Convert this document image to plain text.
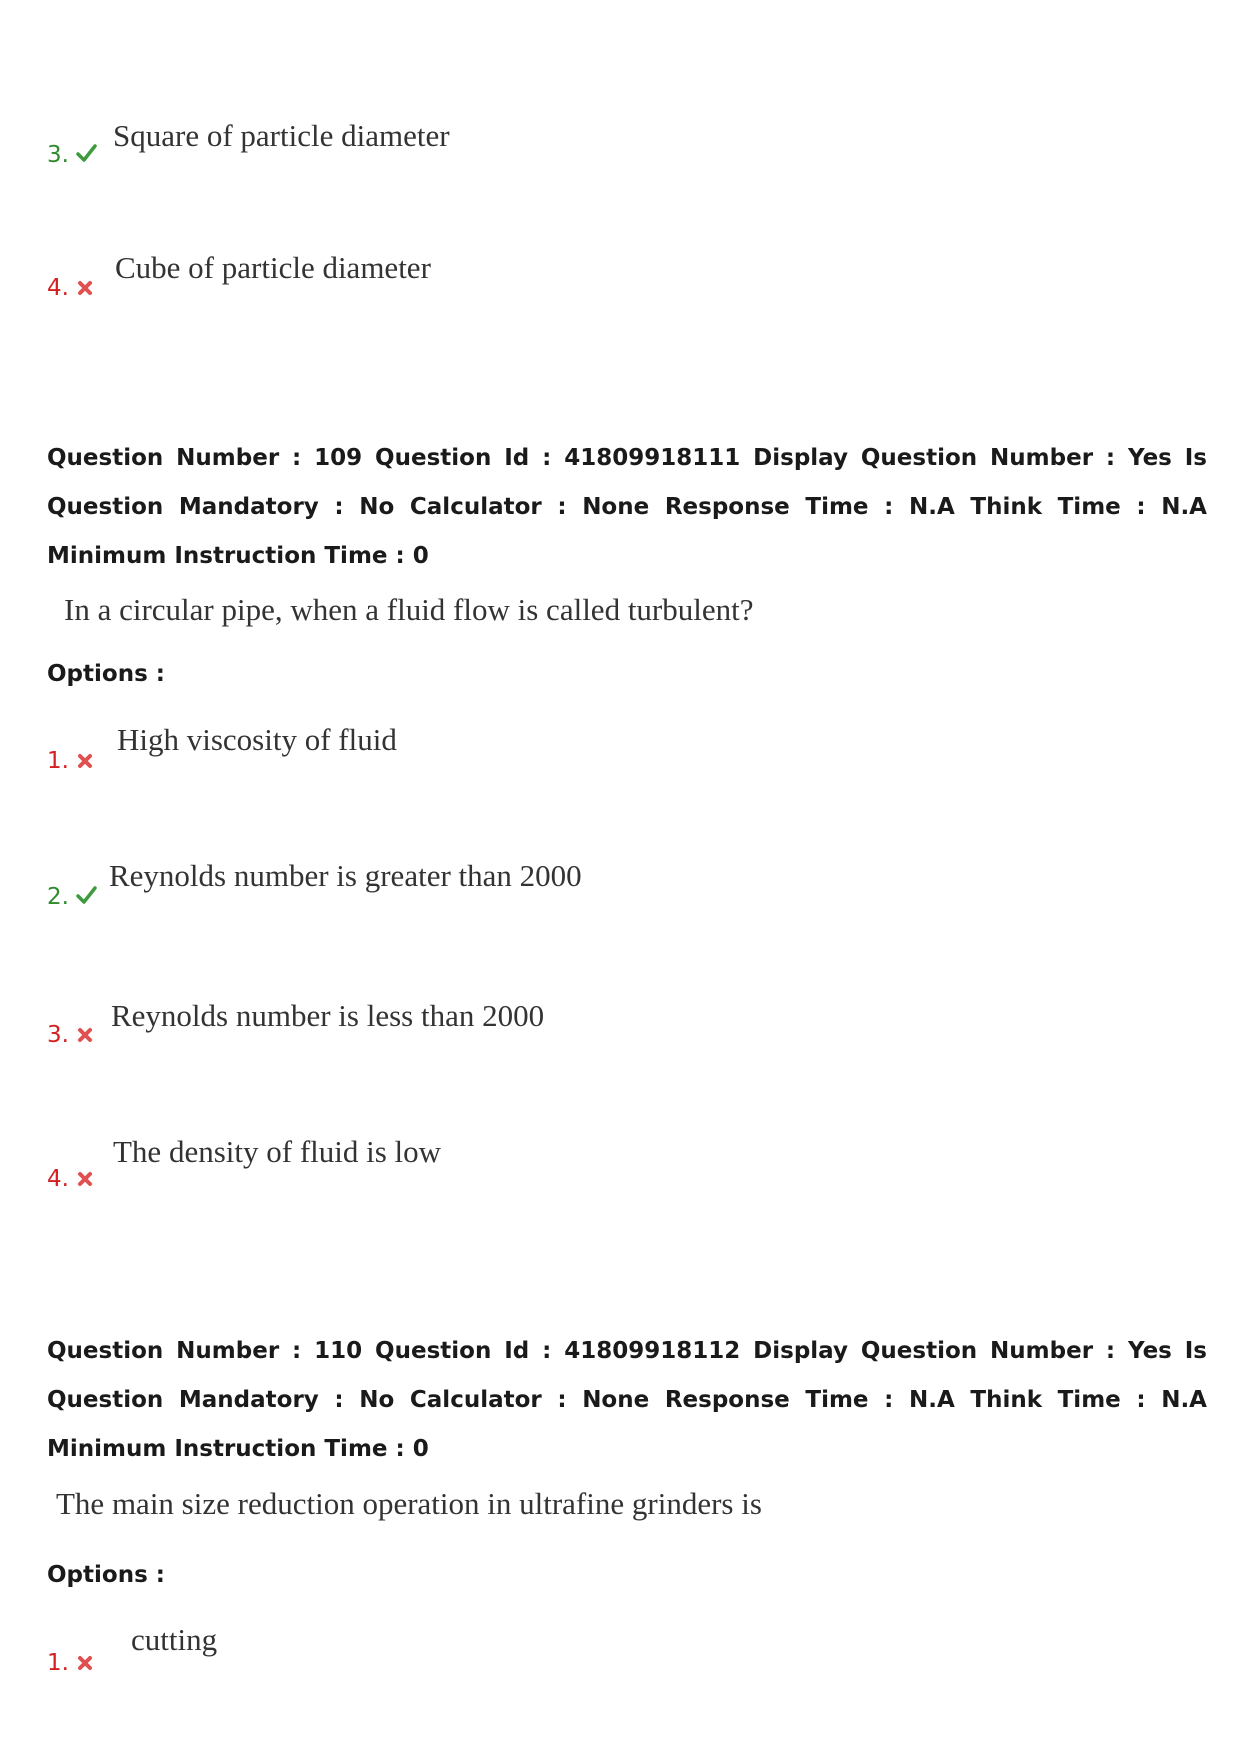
3.
Square of particle diameter
4.
Cube of particle diameter
Question Number : 109 Question Id : 41809918111 Display Question Number : Yes Is Question Mandatory : No Calculator : None Response Time : N.A Think Time : N.A Minimum Instruction Time : 0
In a circular pipe, when a fluid flow is called turbulent?
Options :
1.
High viscosity of fluid
2.
Reynolds number is greater than 2000
3.
Reynolds number is less than 2000
4.
The density of fluid is low
Question Number : 110 Question Id : 41809918112 Display Question Number : Yes Is Question Mandatory : No Calculator : None Response Time : N.A Think Time : N.A Minimum Instruction Time : 0
The main size reduction operation in ultrafine grinders is
Options :
1.
cutting
